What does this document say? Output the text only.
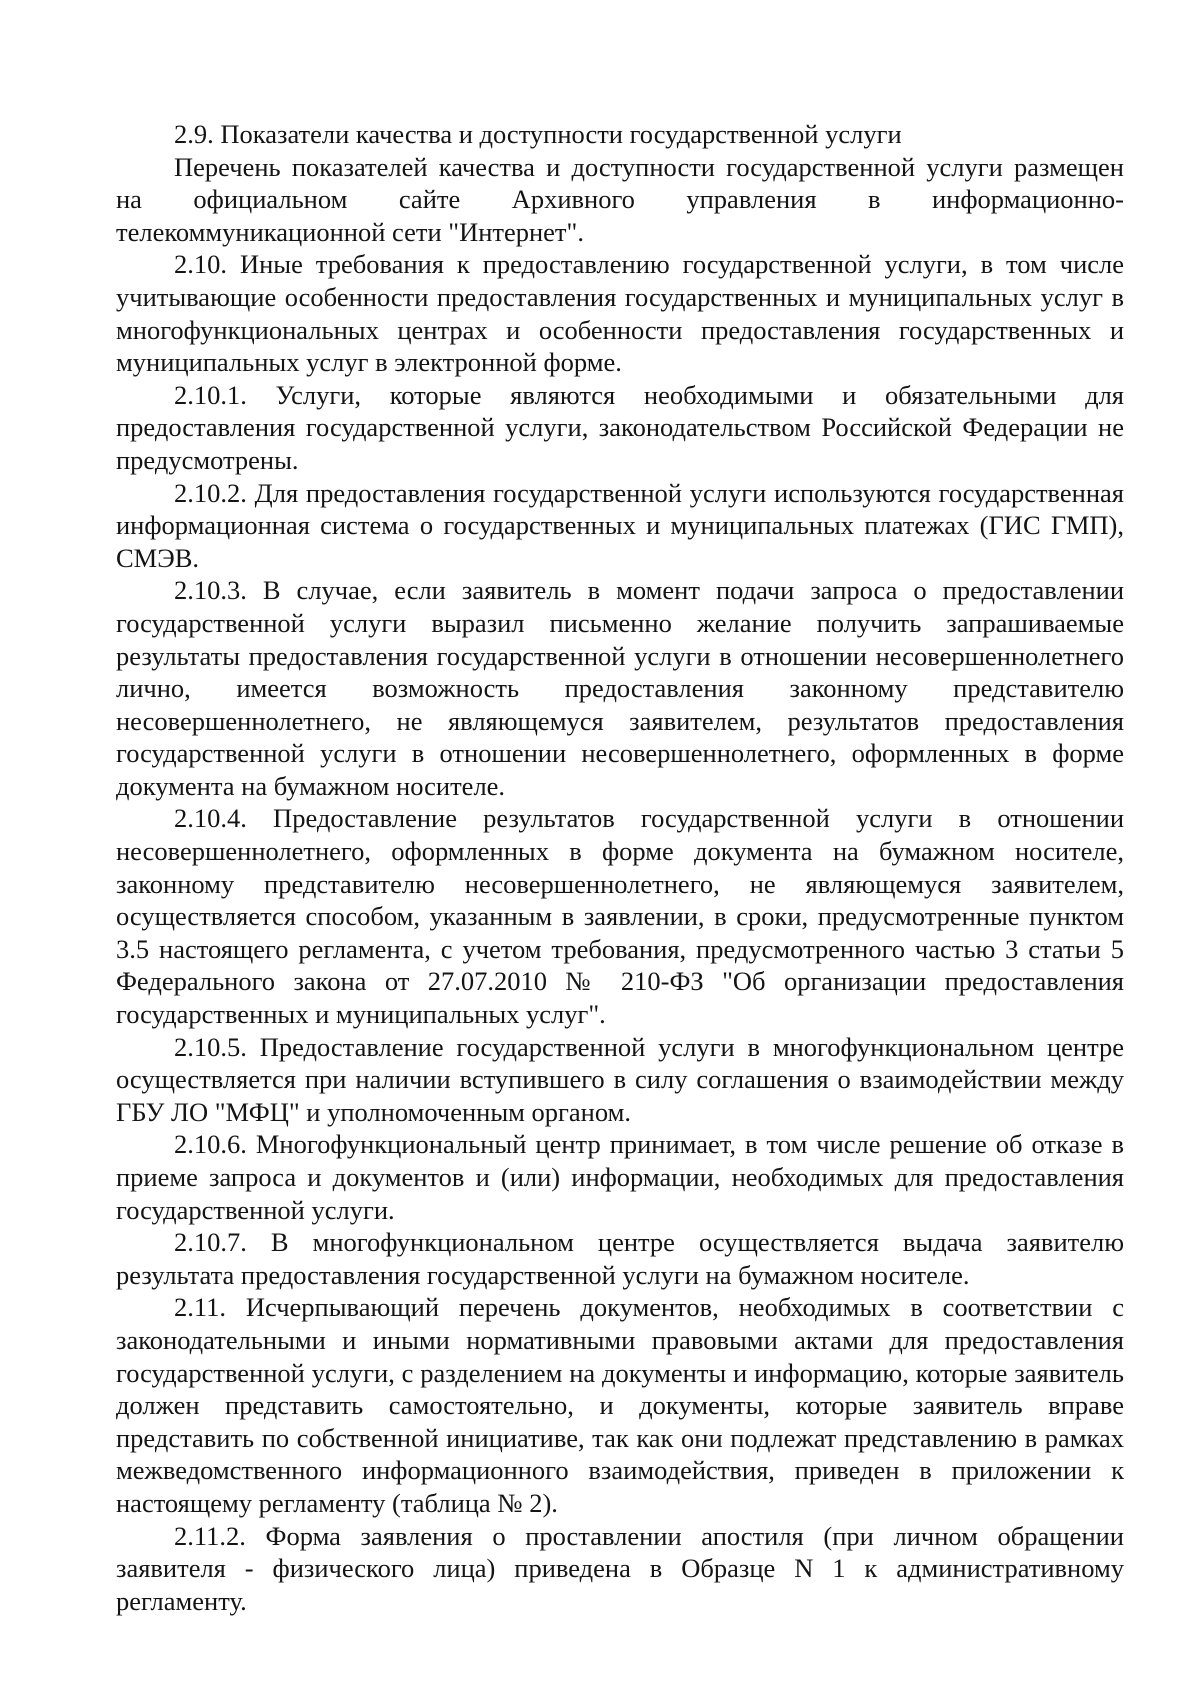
2.9. Показатели качества и доступности государственной услуги

Перечень показателей качества и доступности государственной услуги размещен на официальном сайте Архивного управления в информационно-телекоммуникационной сети "Интернет".

2.10. Иные требования к предоставлению государственной услуги, в том числе учитывающие особенности предоставления государственных и муниципальных услуг в многофункциональных центрах и особенности предоставления государственных и муниципальных услуг в электронной форме.

2.10.1. Услуги, которые являются необходимыми и обязательными для предоставления государственной услуги, законодательством Российской Федерации не предусмотрены.

2.10.2. Для предоставления государственной услуги используются государственная информационная система о государственных и муниципальных платежах (ГИС ГМП), СМЭВ.

2.10.3. В случае, если заявитель в момент подачи запроса о предоставлении государственной услуги выразил письменно желание получить запрашиваемые результаты предоставления государственной услуги в отношении несовершеннолетнего лично, имеется возможность предоставления законному представителю несовершеннолетнего, не являющемуся заявителем, результатов предоставления государственной услуги в отношении несовершеннолетнего, оформленных в форме документа на бумажном носителе.

2.10.4. Предоставление результатов государственной услуги в отношении несовершеннолетнего, оформленных в форме документа на бумажном носителе, законному представителю несовершеннолетнего, не являющемуся заявителем, осуществляется способом, указанным в заявлении, в сроки, предусмотренные пунктом 3.5 настоящего регламента, с учетом требования, предусмотренного частью 3 статьи 5 Федерального закона от 27.07.2010 № 210-ФЗ "Об организации предоставления государственных и муниципальных услуг".

2.10.5. Предоставление государственной услуги в многофункциональном центре осуществляется при наличии вступившего в силу соглашения о взаимодействии между ГБУ ЛО "МФЦ" и уполномоченным органом.

2.10.6. Многофункциональный центр принимает, в том числе решение об отказе в приеме запроса и документов и (или) информации, необходимых для предоставления государственной услуги.

2.10.7. В многофункциональном центре осуществляется выдача заявителю результата предоставления государственной услуги на бумажном носителе.

2.11. Исчерпывающий перечень документов, необходимых в соответствии с законодательными и иными нормативными правовыми актами для предоставления государственной услуги, с разделением на документы и информацию, которые заявитель должен представить самостоятельно, и документы, которые заявитель вправе представить по собственной инициативе, так как они подлежат представлению в рамках межведомственного информационного взаимодействия, приведен в приложении к настоящему регламенту (таблица № 2).

2.11.2. Форма заявления о проставлении апостиля (при личном обращении заявителя - физического лица) приведена в Образце N 1 к административному регламенту.
